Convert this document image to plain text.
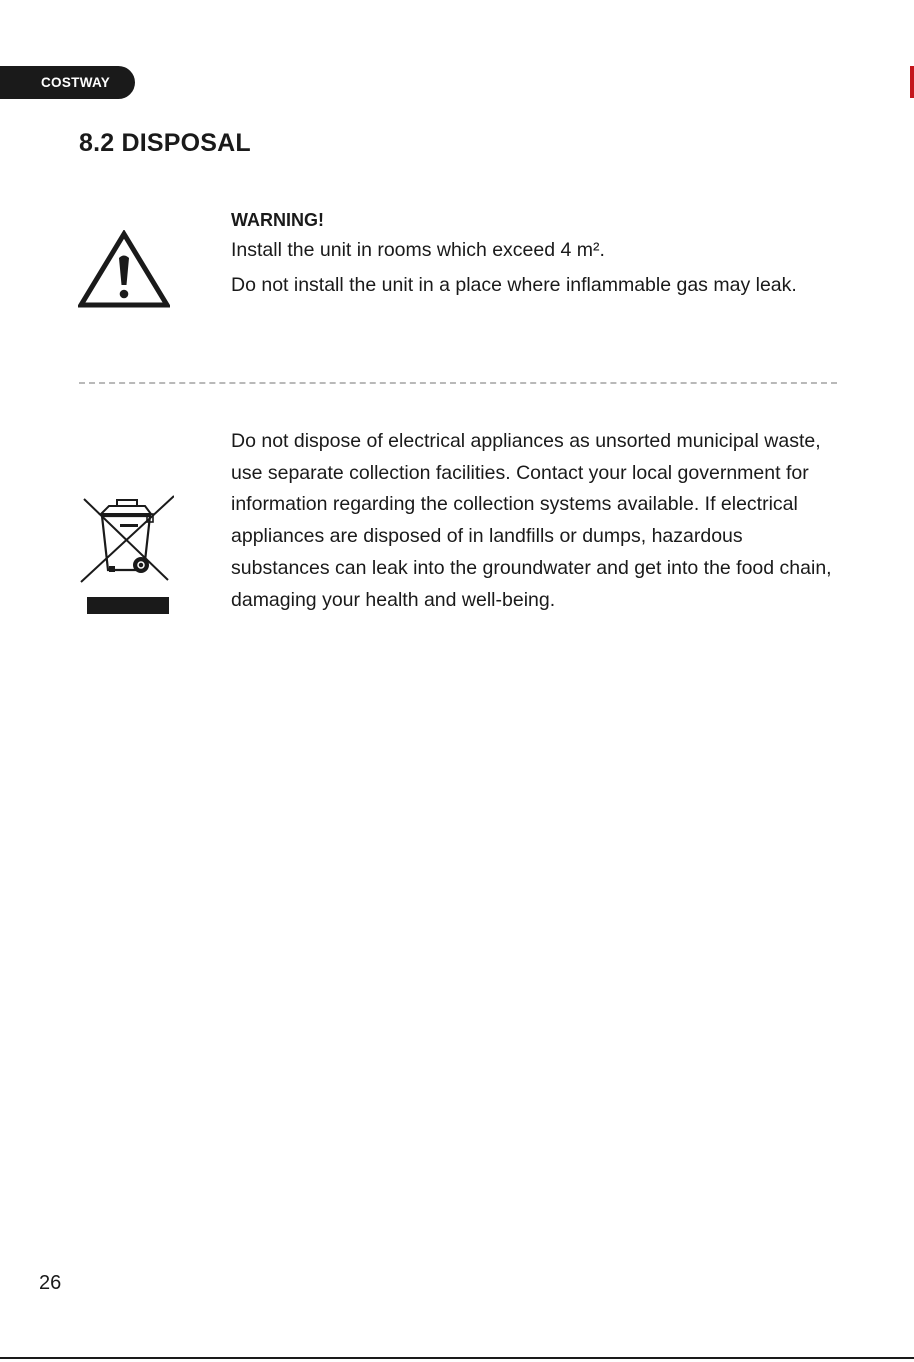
COSTWAY
8.2 DISPOSAL

WARNING!

Install the unit in rooms which exceed 4 m².

Do not install the unit in a place where inflammable gas may leak.

Do not dispose of electrical appliances as unsorted municipal waste, use separate collection facilities. Contact your local government for information regarding the collection systems available. If electrical appliances are disposed of in landfills or dumps, hazardous substances can leak into the groundwater and get into the food chain, damaging your health and well-being.

26
